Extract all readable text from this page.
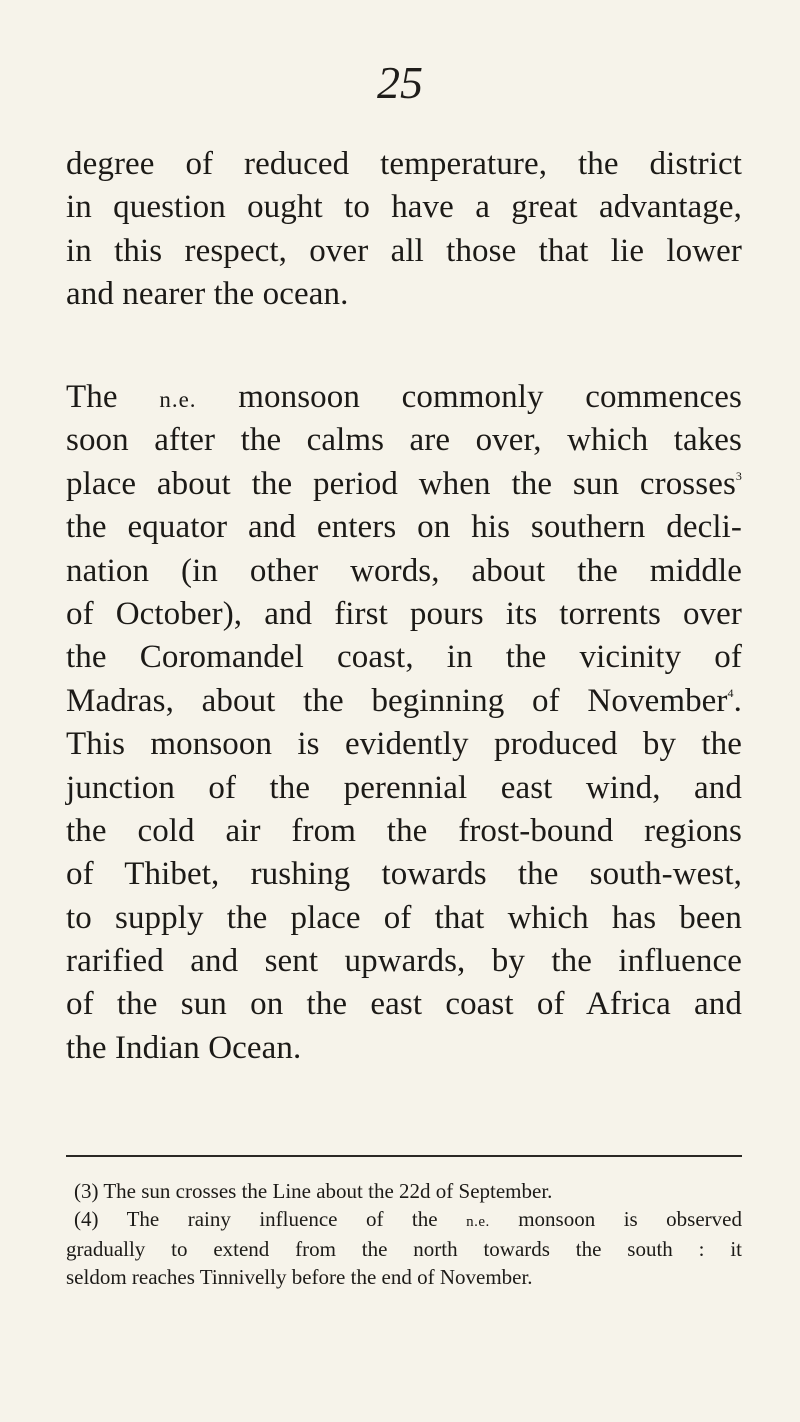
25
degree of reduced temperature, the district
in question ought to have a great advantage,
in this respect, over all those that lie lower
and nearer the ocean.
The n.e. monsoon commonly commences
soon after the calms are over, which takes
place about the period when the sun crosses$^3$
the equator and enters on his southern decli-
nation (in other words, about the middle
of October), and first pours its torrents over
the Coromandel coast, in the vicinity of
Madras, about the beginning of November$^4$.
This monsoon is evidently produced by the
junction of the perennial east wind, and
the cold air from the frost-bound regions
of Thibet, rushing towards the south-west,
to supply the place of that which has been
rarified and sent upwards, by the influence
of the sun on the east coast of Africa and
the Indian Ocean.
(3) The sun crosses the Line about the 22d of September.
(4) The rainy influence of the n.e. monsoon is observed
gradually to extend from the north towards the south : it
seldom reaches Tinnivelly before the end of November.
